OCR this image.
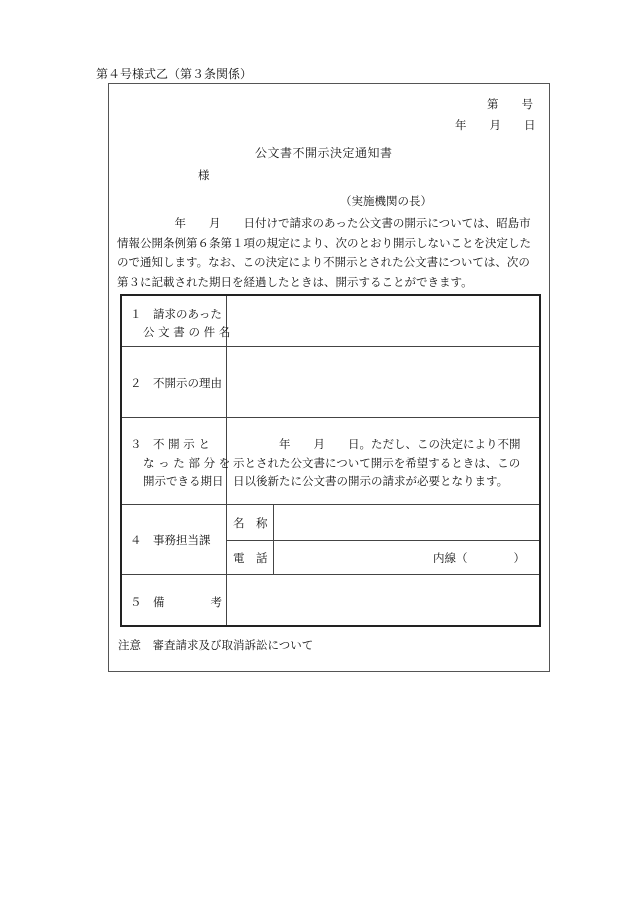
第４号様式乙（第３条関係）
第　　号
年　　月　　日
公文書不開示決定通知書
様
（実施機関の長）
　　　　　年　　月　　日付けで請求のあった公文書の開示については、昭島市
情報公開条例第６条第１項の規定により、次のとおり開示しないことを決定した
ので通知します。なお、この決定により不開示とされた公文書については、次の
第３に記載された期日を経過したときは、開示することができます。
１　請求のあった
公 文 書 の 件 名
２　不開示の理由
３　不 開 示 と
な っ た 部 分 を
開示できる期日
　　　　年　　月　　日。ただし、この決定により不開
示とされた公文書について開示を希望するときは、この
日以後新たに公文書の開示の請求が必要となります。
４　事務担当課
名　称
電　話	内線（　　　　）
５　備　　　　考
注意　審査請求及び取消訴訟について
